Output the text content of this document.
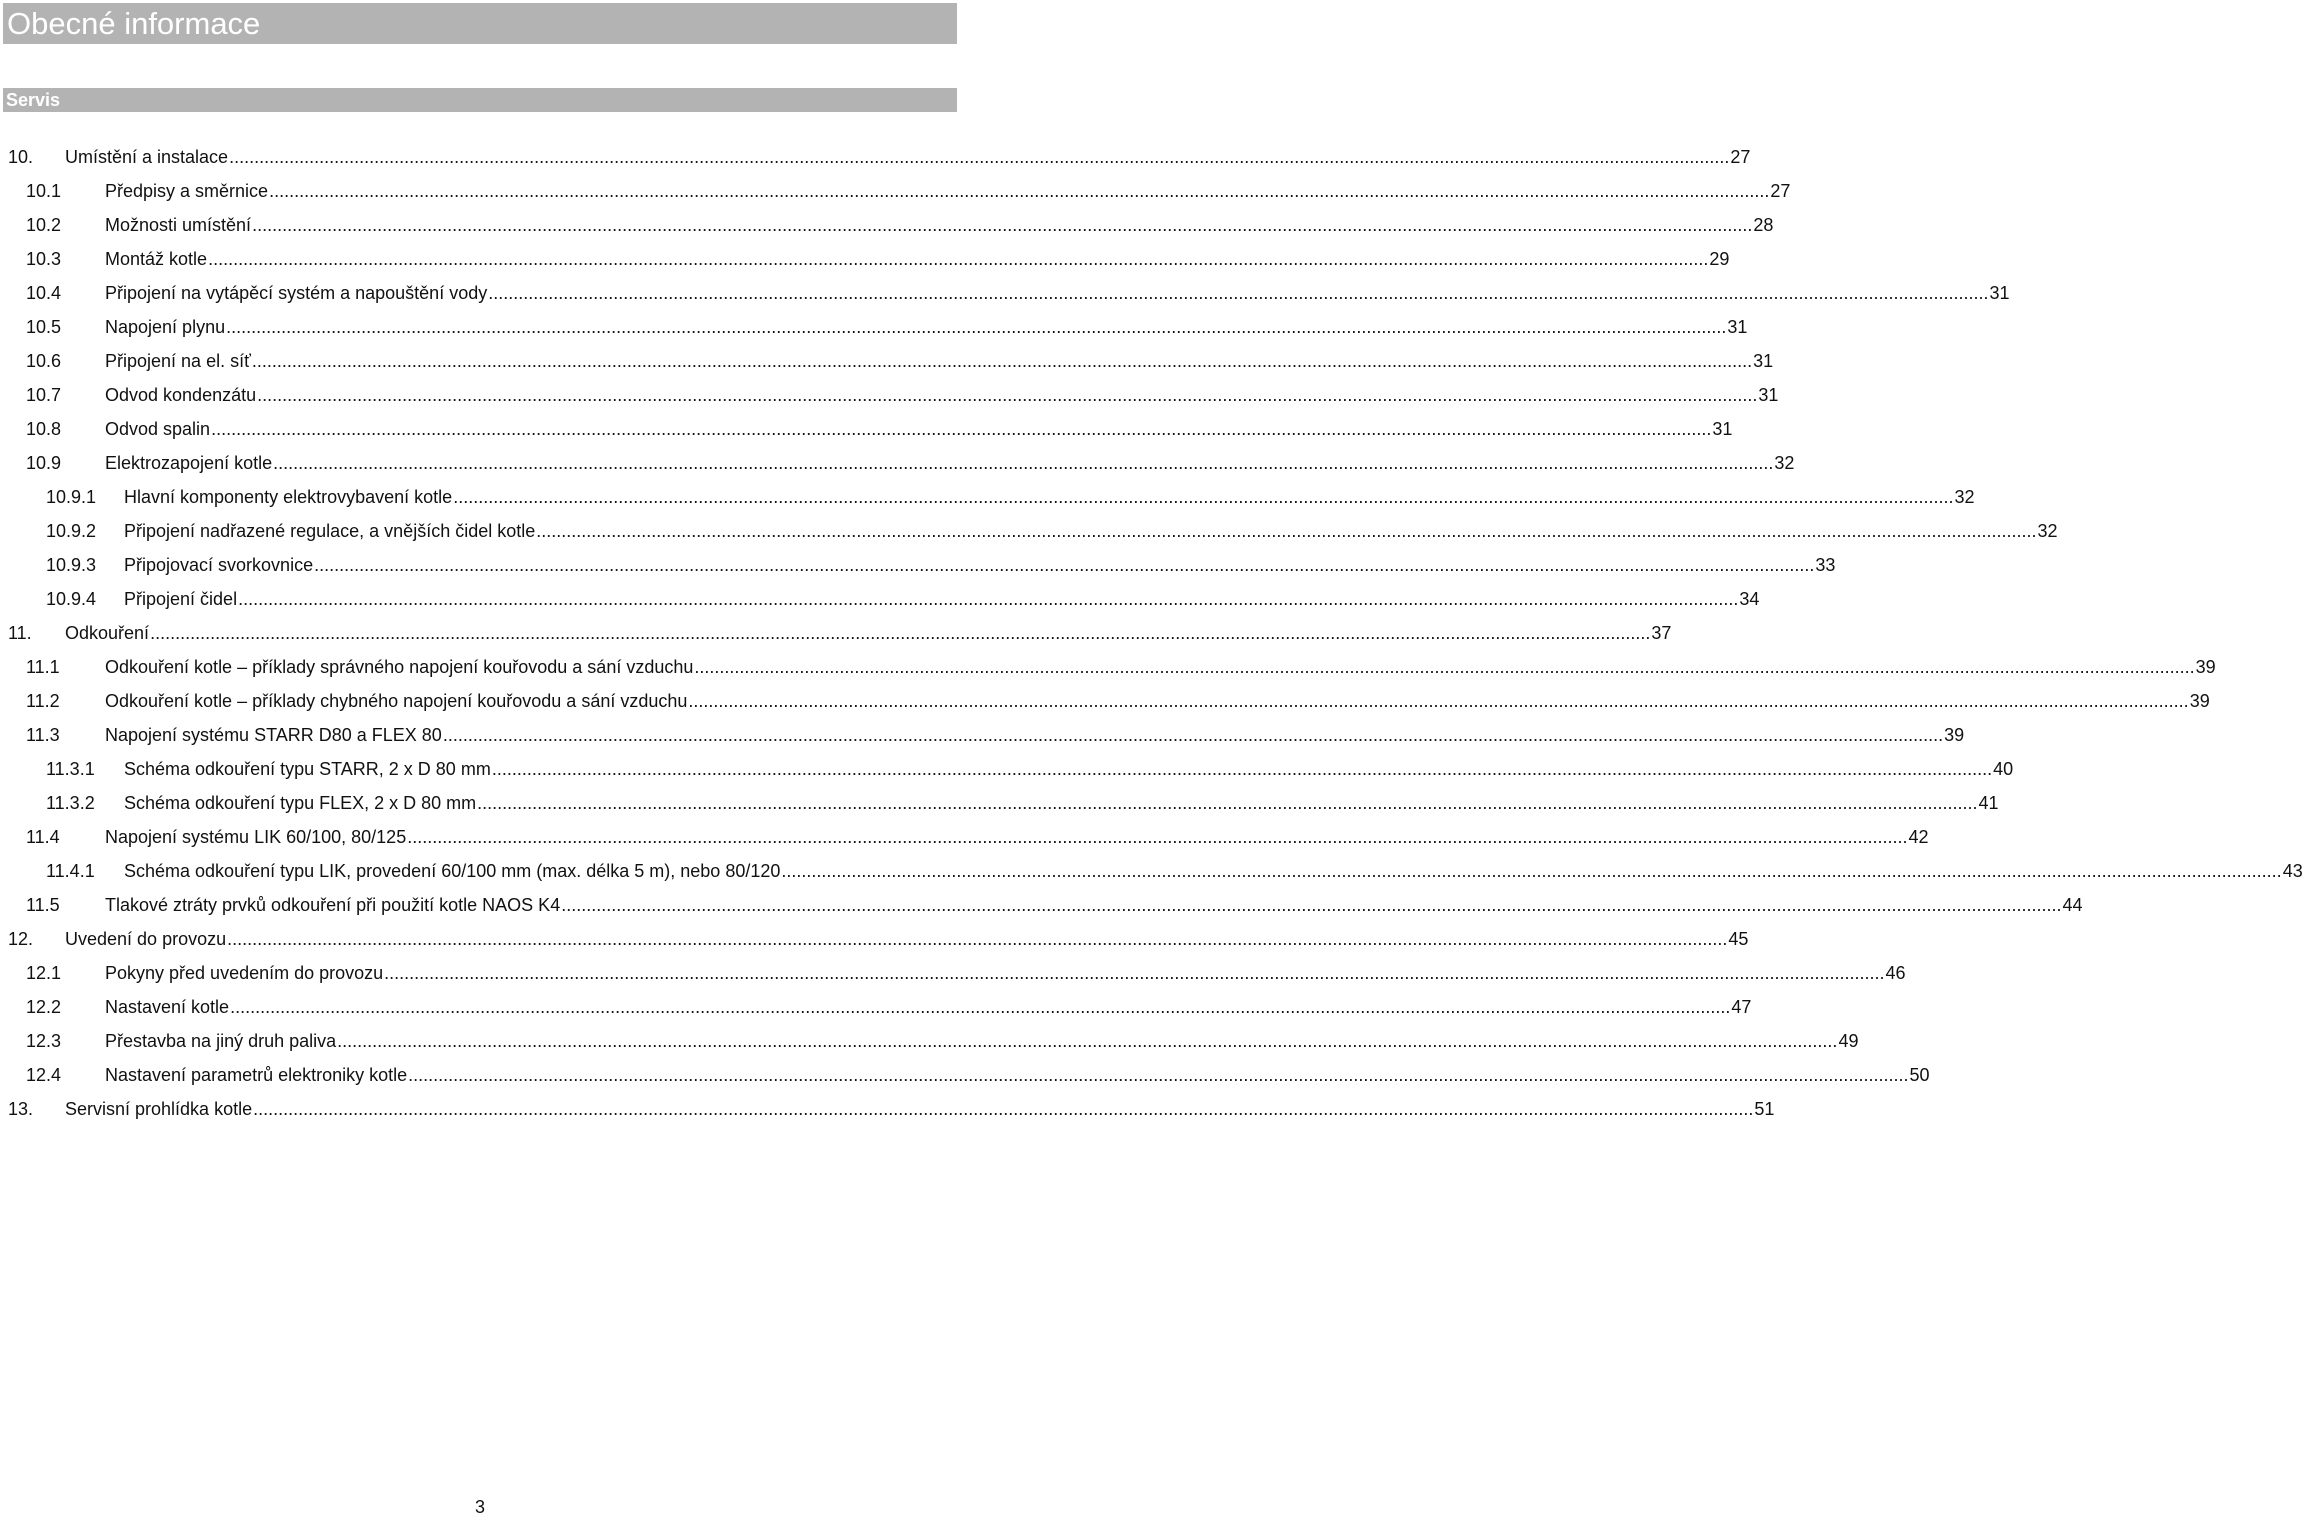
Obecné informace
Servis
10. Umístění a instalace ............................................................................................................................................................................................................................................................................................................ 27
10.1 Předpisy a směrnice ............................................................................................................................................................................................................................................................................................................ 27
10.2 Možnosti umístění ............................................................................................................................................................................................................................................................................................................ 28
10.3 Montáž kotle ............................................................................................................................................................................................................................................................................................................ 29
10.4 Připojení na vytápěcí systém a napouštění vody ............................................................................................................................................................................................................................................................................................................ 31
10.5 Napojení plynu ............................................................................................................................................................................................................................................................................................................ 31
10.6 Připojení na el. síť ............................................................................................................................................................................................................................................................................................................ 31
10.7 Odvod kondenzátu ............................................................................................................................................................................................................................................................................................................ 31
10.8 Odvod spalin ............................................................................................................................................................................................................................................................................................................ 31
10.9 Elektrozapojení kotle ............................................................................................................................................................................................................................................................................................................ 32
10.9.1 Hlavní komponenty elektrovybavení kotle ............................................................................................................................................................................................................................................................................................................ 32
10.9.2 Připojení nadřazené regulace, a vnějších čidel kotle ............................................................................................................................................................................................................................................................................................................ 32
10.9.3 Připojovací svorkovnice ............................................................................................................................................................................................................................................................................................................ 33
10.9.4 Připojení čidel ............................................................................................................................................................................................................................................................................................................ 34
11. Odkouření ............................................................................................................................................................................................................................................................................................................ 37
11.1	Odkouření kotle – příklady správného napojení kouřovodu a sání vzduchu ............................................................................................................................................................................................................................................................................................................ 39
11.2	Odkouření kotle – příklady chybného napojení kouřovodu a sání vzduchu ............................................................................................................................................................................................................................................................................................................ 39
11.3	Napojení systému STARR D80 a FLEX 80 ............................................................................................................................................................................................................................................................................................................ 39
11.3.1 Schéma odkouření typu STARR, 2 x D 80 mm ............................................................................................................................................................................................................................................................................................................ 40
11.3.2 Schéma odkouření typu FLEX, 2 x D 80 mm ............................................................................................................................................................................................................................................................................................................ 41
11.4	Napojení systému LIK 60/100, 80/125 ............................................................................................................................................................................................................................................................................................................ 42
11.4.1 Schéma odkouření typu LIK, provedení 60/100 mm (max. délka 5 m), nebo 80/120 ............................................................................................................................................................................................................................................................................................................ 43
11.5	Tlakové ztráty prvků odkouření při použití kotle NAOS K4 ............................................................................................................................................................................................................................................................................................................ 44
12. Uvedení do provozu ............................................................................................................................................................................................................................................................................................................ 45
12.1 Pokyny před uvedením do provozu ............................................................................................................................................................................................................................................................................................................ 46
12.2 Nastavení kotle ............................................................................................................................................................................................................................................................................................................ 47
12.3 Přestavba na jiný druh paliva ............................................................................................................................................................................................................................................................................................................ 49
12.4 Nastavení parametrů elektroniky kotle ............................................................................................................................................................................................................................................................................................................ 50
13. Servisní prohlídka kotle ............................................................................................................................................................................................................................................................................................................ 51
3
